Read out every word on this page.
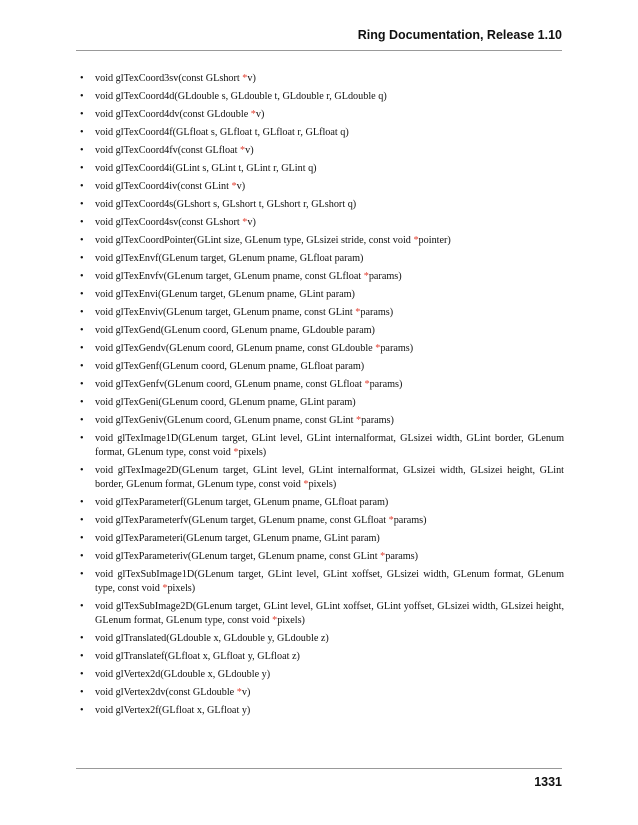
Ring Documentation, Release 1.10
• void glTexCoord3sv(const GLshort *v)
• void glTexCoord4d(GLdouble s, GLdouble t, GLdouble r, GLdouble q)
• void glTexCoord4dv(const GLdouble *v)
• void glTexCoord4f(GLfloat s, GLfloat t, GLfloat r, GLfloat q)
• void glTexCoord4fv(const GLfloat *v)
• void glTexCoord4i(GLint s, GLint t, GLint r, GLint q)
• void glTexCoord4iv(const GLint *v)
• void glTexCoord4s(GLshort s, GLshort t, GLshort r, GLshort q)
• void glTexCoord4sv(const GLshort *v)
• void glTexCoordPointer(GLint size, GLenum type, GLsizei stride, const void *pointer)
• void glTexEnvf(GLenum target, GLenum pname, GLfloat param)
• void glTexEnvfv(GLenum target, GLenum pname, const GLfloat *params)
• void glTexEnvi(GLenum target, GLenum pname, GLint param)
• void glTexEnviv(GLenum target, GLenum pname, const GLint *params)
• void glTexGend(GLenum coord, GLenum pname, GLdouble param)
• void glTexGendv(GLenum coord, GLenum pname, const GLdouble *params)
• void glTexGenf(GLenum coord, GLenum pname, GLfloat param)
• void glTexGenfv(GLenum coord, GLenum pname, const GLfloat *params)
• void glTexGeni(GLenum coord, GLenum pname, GLint param)
• void glTexGeniv(GLenum coord, GLenum pname, const GLint *params)
• void glTexImage1D(GLenum target, GLint level, GLint internalformat, GLsizei width, GLint border, GLenum format, GLenum type, const void *pixels)
• void glTexImage2D(GLenum target, GLint level, GLint internalformat, GLsizei width, GLsizei height, GLint border, GLenum format, GLenum type, const void *pixels)
• void glTexParameterf(GLenum target, GLenum pname, GLfloat param)
• void glTexParameterfv(GLenum target, GLenum pname, const GLfloat *params)
• void glTexParameteri(GLenum target, GLenum pname, GLint param)
• void glTexParameteriv(GLenum target, GLenum pname, const GLint *params)
• void glTexSubImage1D(GLenum target, GLint level, GLint xoffset, GLsizei width, GLenum format, GLenum type, const void *pixels)
• void glTexSubImage2D(GLenum target, GLint level, GLint xoffset, GLint yoffset, GLsizei width, GLsizei height, GLenum format, GLenum type, const void *pixels)
• void glTranslated(GLdouble x, GLdouble y, GLdouble z)
• void glTranslatef(GLfloat x, GLfloat y, GLfloat z)
• void glVertex2d(GLdouble x, GLdouble y)
• void glVertex2dv(const GLdouble *v)
• void glVertex2f(GLfloat x, GLfloat y)
1331
